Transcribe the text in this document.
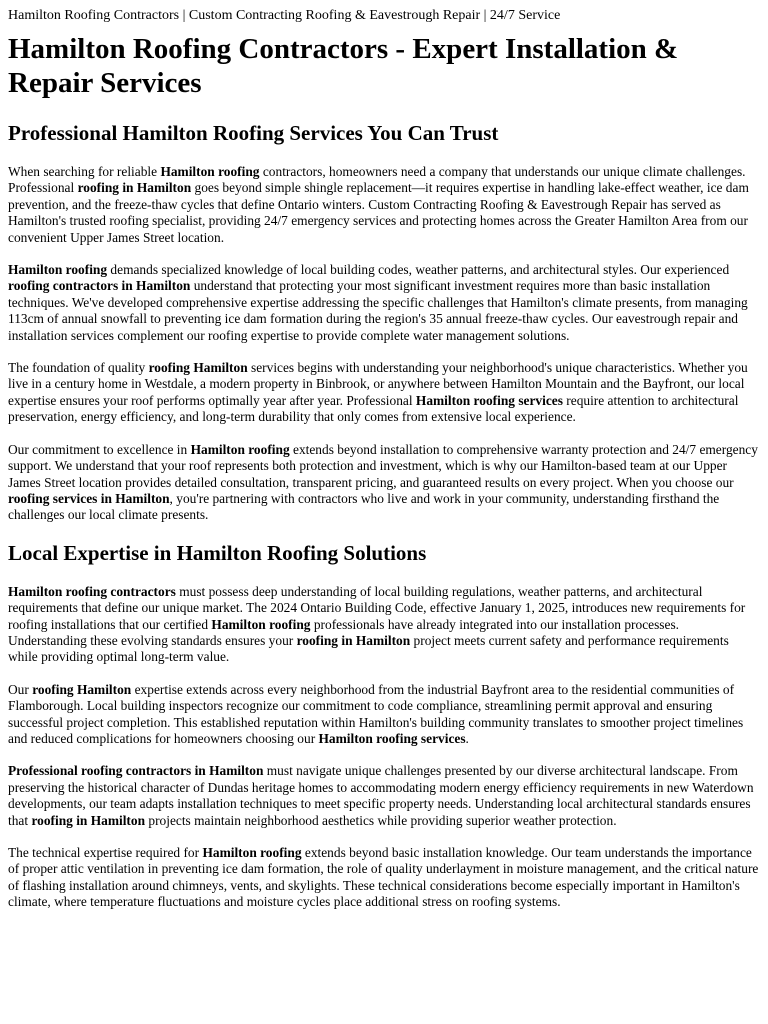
Hamilton Roofing Contractors | Custom Contracting Roofing & Eavestrough Repair | 24/7 Service
Hamilton Roofing Contractors - Expert Installation & Repair Services
Professional Hamilton Roofing Services You Can Trust

When searching for reliable Hamilton roofing contractors, homeowners need a company that understands our unique climate challenges. Professional roofing in Hamilton goes beyond simple shingle replacement—it requires expertise in handling lake-effect weather, ice dam prevention, and the freeze-thaw cycles that define Ontario winters. Custom Contracting Roofing & Eavestrough Repair has served as Hamilton's trusted roofing specialist, providing 24/7 emergency services and protecting homes across the Greater Hamilton Area from our convenient Upper James Street location.

Hamilton roofing demands specialized knowledge of local building codes, weather patterns, and architectural styles. Our experienced roofing contractors in Hamilton understand that protecting your most significant investment requires more than basic installation techniques. We've developed comprehensive expertise addressing the specific challenges that Hamilton's climate presents, from managing 113cm of annual snowfall to preventing ice dam formation during the region's 35 annual freeze-thaw cycles. Our eavestrough repair and installation services complement our roofing expertise to provide complete water management solutions.

The foundation of quality roofing Hamilton services begins with understanding your neighborhood's unique characteristics. Whether you live in a century home in Westdale, a modern property in Binbrook, or anywhere between Hamilton Mountain and the Bayfront, our local expertise ensures your roof performs optimally year after year. Professional Hamilton roofing services require attention to architectural preservation, energy efficiency, and long-term durability that only comes from extensive local experience.

Our commitment to excellence in Hamilton roofing extends beyond installation to comprehensive warranty protection and 24/7 emergency support. We understand that your roof represents both protection and investment, which is why our Hamilton-based team at our Upper James Street location provides detailed consultation, transparent pricing, and guaranteed results on every project. When you choose our roofing services in Hamilton, you're partnering with contractors who live and work in your community, understanding firsthand the challenges our local climate presents.

Local Expertise in Hamilton Roofing Solutions

Hamilton roofing contractors must possess deep understanding of local building regulations, weather patterns, and architectural requirements that define our unique market. The 2024 Ontario Building Code, effective January 1, 2025, introduces new requirements for roofing installations that our certified Hamilton roofing professionals have already integrated into our installation processes. Understanding these evolving standards ensures your roofing in Hamilton project meets current safety and performance requirements while providing optimal long-term value.

Our roofing Hamilton expertise extends across every neighborhood from the industrial Bayfront area to the residential communities of Flamborough. Local building inspectors recognize our commitment to code compliance, streamlining permit approval and ensuring successful project completion. This established reputation within Hamilton's building community translates to smoother project timelines and reduced complications for homeowners choosing our Hamilton roofing services.

Professional roofing contractors in Hamilton must navigate unique challenges presented by our diverse architectural landscape. From preserving the historical character of Dundas heritage homes to accommodating modern energy efficiency requirements in new Waterdown developments, our team adapts installation techniques to meet specific property needs. Understanding local architectural standards ensures that roofing in Hamilton projects maintain neighborhood aesthetics while providing superior weather protection.

The technical expertise required for Hamilton roofing extends beyond basic installation knowledge. Our team understands the importance of proper attic ventilation in preventing ice dam formation, the role of quality underlayment in moisture management, and the critical nature of flashing installation around chimneys, vents, and skylights. These technical considerations become especially important in Hamilton's climate, where temperature fluctuations and moisture cycles place additional stress on roofing systems.
